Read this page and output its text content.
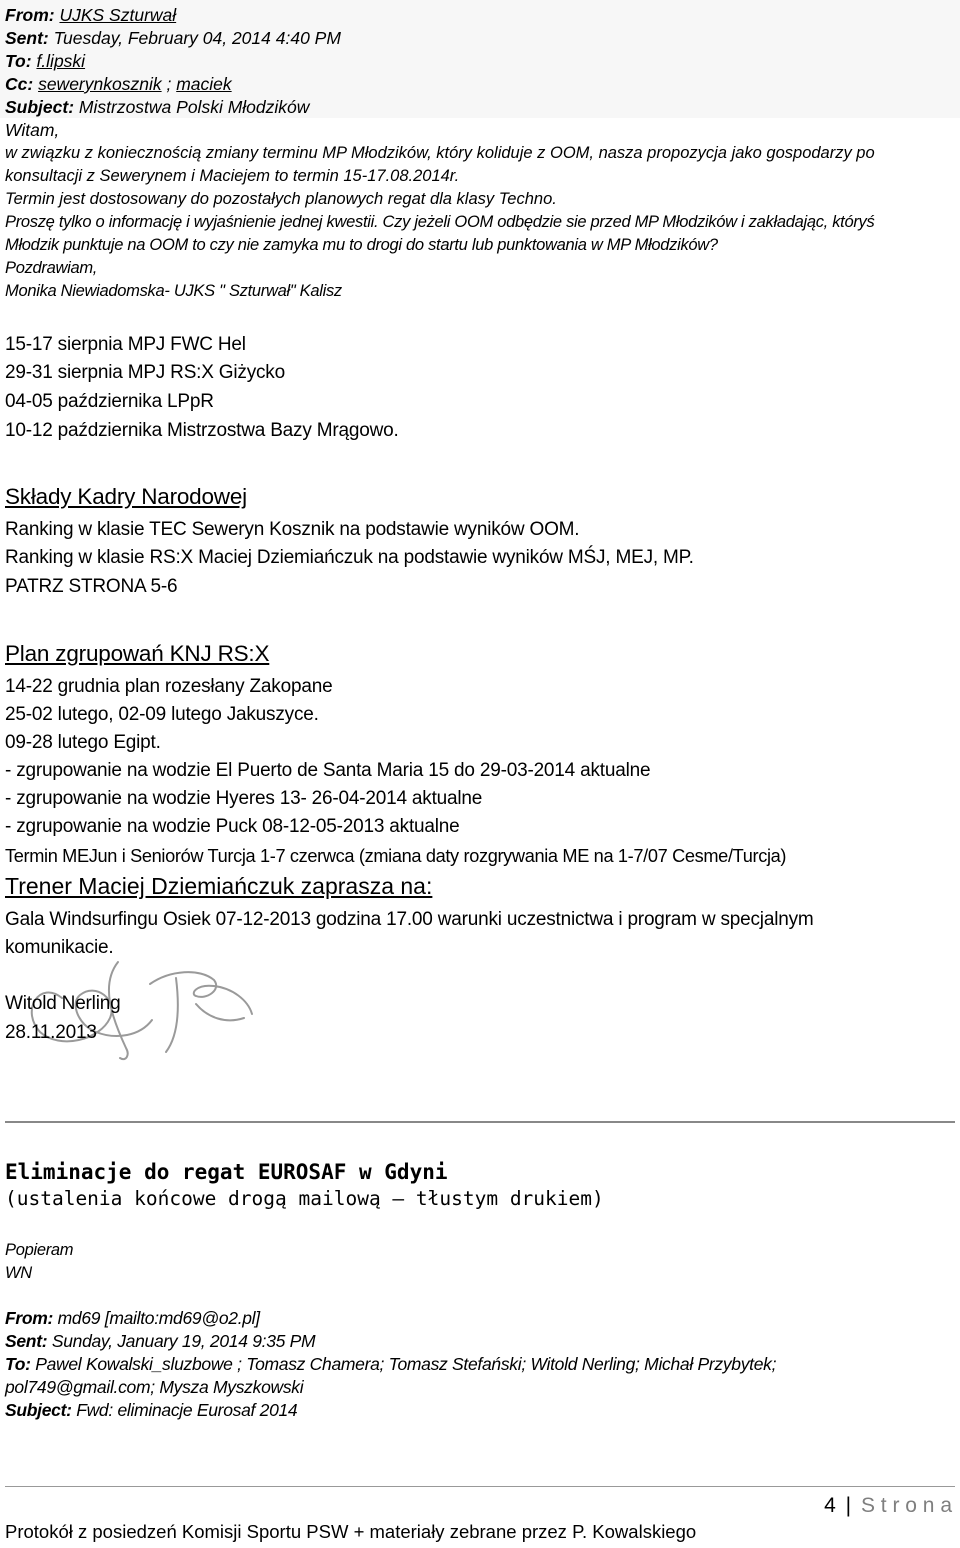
From: UJKS Szturwał
Sent: Tuesday, February 04, 2014 4:40 PM
To: f.lipski
Cc: sewerynkosznik ; maciek
Subject: Mistrzostwa Polski Młodzików
Witam,
w związku z koniecznością zmiany terminu MP Młodzików, który koliduje z OOM, nasza propozycja jako gospodarzy po
konsultacji z Sewerynem i Maciejem to termin 15-17.08.2014r.
Termin jest dostosowany do pozostałych planowych regat dla klasy Techno.
Proszę tylko o informację i wyjaśnienie jednej kwestii. Czy jeżeli OOM odbędzie sie przed MP Młodzików i zakładając, któryś
Młodzik punktuje na OOM to czy nie zamyka mu to drogi do startu lub punktowania w MP Młodzików?
Pozdrawiam,
Monika Niewiadomska- UJKS " Szturwał" Kalisz
15-17 sierpnia MPJ FWC Hel
29-31 sierpnia MPJ RS:X Giżycko
04-05 października LPpR
10-12 października Mistrzostwa Bazy Mrągowo.
Składy Kadry Narodowej
Ranking w klasie TEC Seweryn Kosznik na podstawie wyników OOM.
Ranking w klasie RS:X Maciej Dziemiańczuk na podstawie wyników MŚJ, MEJ, MP.
PATRZ STRONA 5-6
Plan zgrupowań KNJ RS:X
14-22 grudnia plan rozesłany Zakopane
25-02 lutego, 02-09 lutego Jakuszyce.
09-28 lutego Egipt.
- zgrupowanie na wodzie El Puerto de Santa Maria 15 do 29-03-2014 aktualne
- zgrupowanie na wodzie Hyeres 13- 26-04-2014 aktualne
- zgrupowanie na wodzie Puck 08-12-05-2013 aktualne
Termin MEJun i Seniorów Turcja 1-7 czerwca (zmiana daty rozgrywania ME na 1-7/07 Cesme/Turcja)
Trener Maciej Dziemiańczuk zaprasza na:
Gala Windsurfingu Osiek 07-12-2013 godzina 17.00 warunki uczestnictwa i program w specjalnym
komunikacie.
Witold Nerling
28.11.2013
Eliminacje do regat EUROSAF w Gdyni
(ustalenia końcowe drogą mailową – tłustym drukiem)
Popieram
WN
From: md69 [mailto:md69@o2.pl]
Sent: Sunday, January 19, 2014 9:35 PM
To: Pawel Kowalski_sluzbowe ; Tomasz Chamera; Tomasz Stefański; Witold Nerling; Michał Przybytek;
pol749@gmail.com; Mysza Myszkowski
Subject: Fwd: eliminacje Eurosaf 2014
4 | S t r o n a
Protokół z posiedzeń Komisji Sportu PSW + materiały zebrane przez P. Kowalskiego
